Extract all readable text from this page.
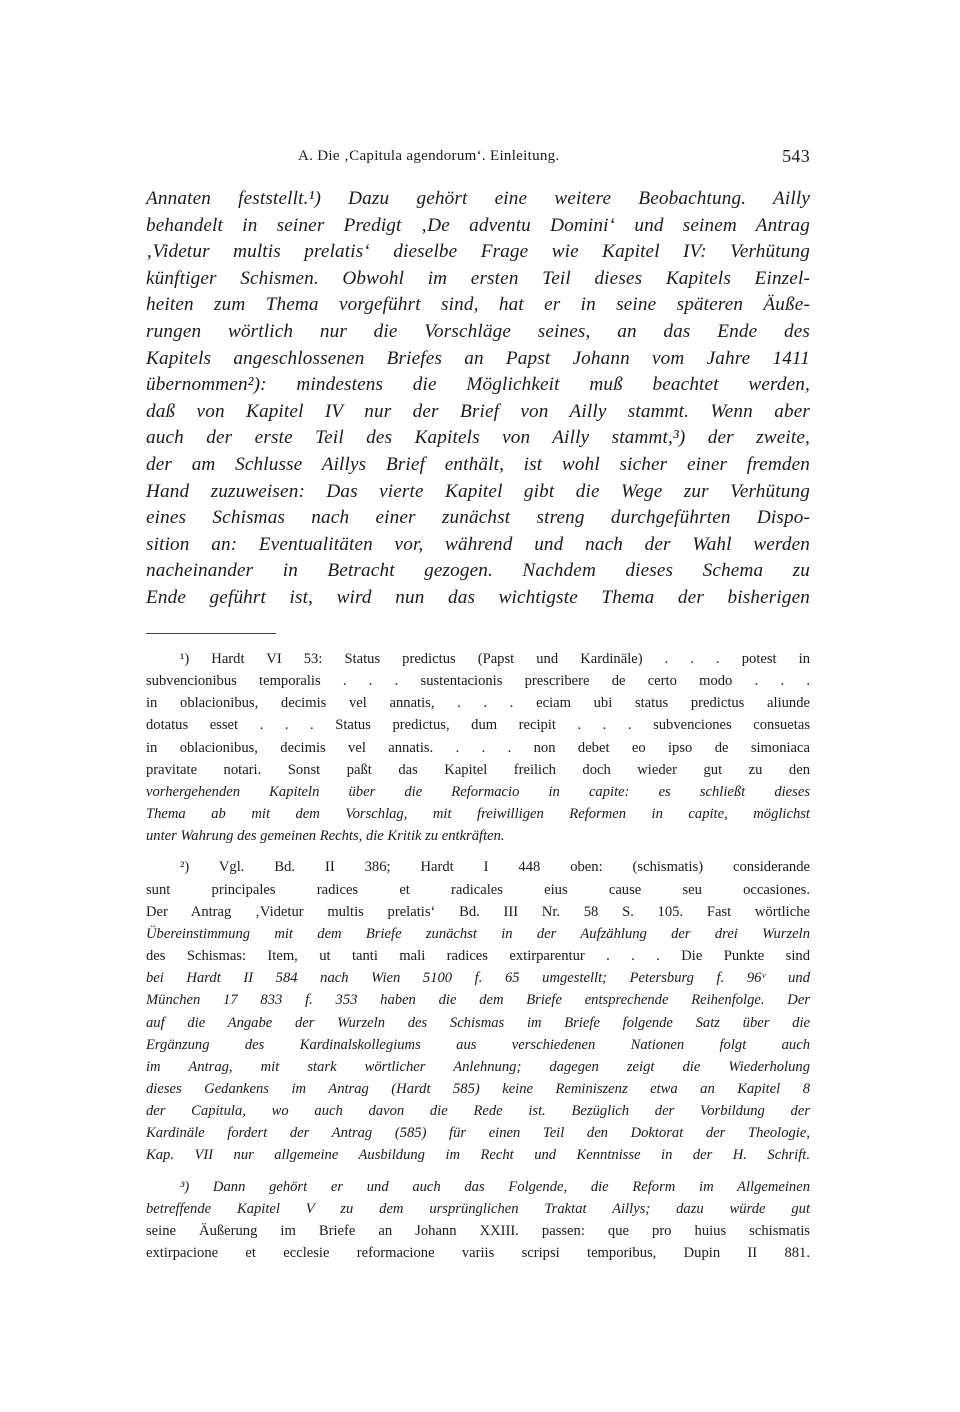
A. Die ‚Capitula agendorum‘. Einleitung.	543
Annaten feststellt.¹) Dazu gehört eine weitere Beobachtung. Ailly
behandelt in seiner Predigt ‚De adventu Domini‘ und seinem Antrag
‚Videtur multis prelatis‘ dieselbe Frage wie Kapitel IV: Verhütung
künftiger Schismen. Obwohl im ersten Teil dieses Kapitels Einzel-
heiten zum Thema vorgeführt sind, hat er in seine späteren Äuße-
rungen wörtlich nur die Vorschläge seines, an das Ende des
Kapitels angeschlossenen Briefes an Papst Johann vom Jahre 1411
übernommen²): mindestens die Möglichkeit muß beachtet werden,
daß von Kapitel IV nur der Brief von Ailly stammt. Wenn aber
auch der erste Teil des Kapitels von Ailly stammt,³) der zweite,
der am Schlusse Aillys Brief enthält, ist wohl sicher einer fremden
Hand zuzuweisen: Das vierte Kapitel gibt die Wege zur Verhütung
eines Schismas nach einer zunächst streng durchgeführten Dispo-
sition an: Eventualitäten vor, während und nach der Wahl werden
nacheinander in Betracht gezogen. Nachdem dieses Schema zu
Ende geführt ist, wird nun das wichtigste Thema der bisherigen
¹) Hardt VI 53: Status predictus (Papst und Kardinäle) . . . potest in
subvencionibus temporalis . . . sustentacionis prescribere de certo modo . . .
in oblacionibus, decimis vel annatis, . . . eciam ubi status predictus aliunde
dotatus esset . . . Status predictus, dum recipit . . . subvenciones consuetas
in oblacionibus, decimis vel annatis. . . . non debet eo ipso de simoniaca
pravitate notari. Sonst paßt das Kapitel freilich doch wieder gut zu den
vorhergehenden Kapiteln über die Reformacio in capite: es schließt dieses
Thema ab mit dem Vorschlag, mit freiwilligen Reformen in capite, möglichst
unter Wahrung des gemeinen Rechts, die Kritik zu entkräften.
²) Vgl. Bd. II 386; Hardt I 448 oben: (schismatis) considerande
sunt principales radices et radicales eius cause seu occasiones.
Der Antrag ‚Videtur multis prelatis‘ Bd. III Nr. 58 S. 105. Fast wörtliche
Übereinstimmung mit dem Briefe zunächst in der Aufzählung der drei Wurzeln
des Schismas: Item, ut tanti mali radices extirparentur . . . Die Punkte sind
bei Hardt II 584 nach Wien 5100 f. 65 umgestellt; Petersburg f. 96ᵛ und
München 17 833 f. 353 haben die dem Briefe entsprechende Reihenfolge. Der
auf die Angabe der Wurzeln des Schismas im Briefe folgende Satz über die
Ergänzung des Kardinalskollegiums aus verschiedenen Nationen folgt auch
im Antrag, mit stark wörtlicher Anlehnung; dagegen zeigt die Wiederholung
dieses Gedankens im Antrag (Hardt 585) keine Reminiszenz etwa an Kapitel 8
der Capitula, wo auch davon die Rede ist. Bezüglich der Vorbildung der
Kardinäle fordert der Antrag (585) für einen Teil den Doktorat der Theologie,
Kap. VII nur allgemeine Ausbildung im Recht und Kenntnisse in der H. Schrift.
³) Dann gehört er und auch das Folgende, die Reform im Allgemeinen
betreffende Kapitel V zu dem ursprünglichen Traktat Aillys; dazu würde gut
seine Äußerung im Briefe an Johann XXIII. passen: que pro huius schismatis
extirpacione et ecclesie reformacione variis scripsi temporibus, Dupin II 881.
